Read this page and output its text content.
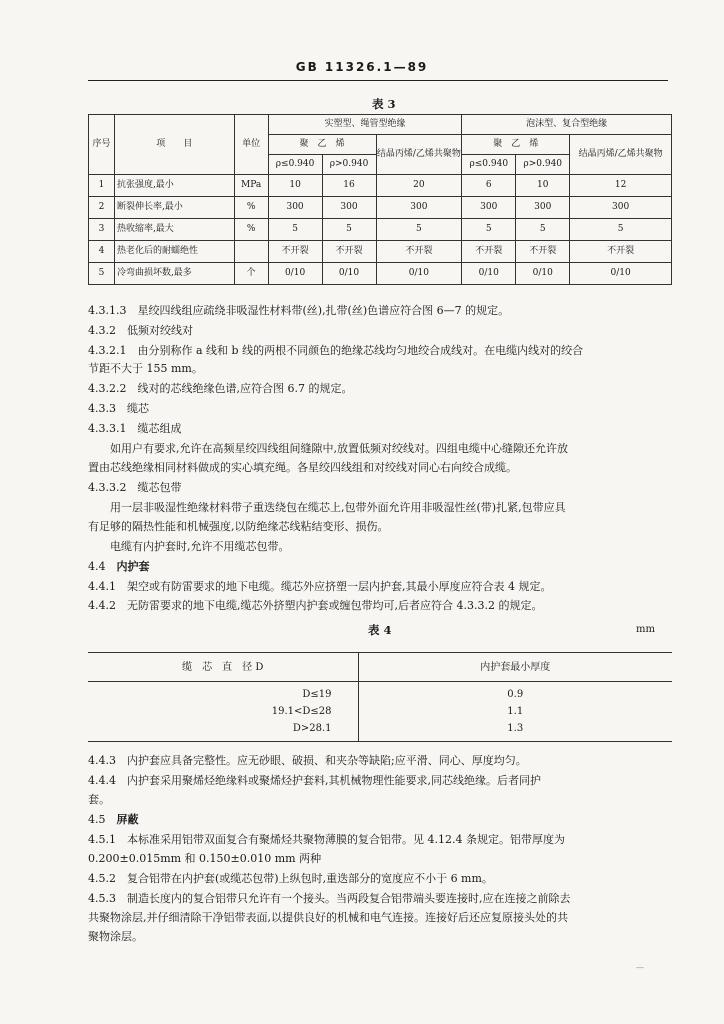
GB 11326.1—89
表 3
序号	项　　目	单位	实塑型、绳管型绝缘			泡沫型、复合型绝缘		
			聚　乙　烯		结晶丙烯/乙烯共聚物	聚　乙　烯		结晶丙烯/乙烯共聚物
			ρ≤0.940	ρ>0.940		ρ≤0.940	ρ>0.940	
1	抗张强度,最小	MPa	10	16	20	6	10	12
2	断裂伸长率,最小	%	300	300	300	300	300	300
3	热收缩率,最大	%	5	5	5	5	5	5
4	热老化后的耐蠕绝性		不开裂	不开裂	不开裂	不开裂	不开裂	不开裂
5	冷弯曲损坏数,最多	个	0/10	0/10	0/10	0/10	0/10	0/10
4.3.1.3　星绞四线组应疏绕非吸湿性材料带(丝),扎带(丝)色谱应符合图 6—7 的规定。
4.3.2　低频对绞线对
4.3.2.1　由分别称作 a 线和 b 线的两根不同颜色的绝缘芯线均匀地绞合成线对。在电缆内线对的绞合
节距不大于 155 mm。
4.3.2.2　线对的芯线绝缘色谱,应符合图 6.7 的规定。
4.3.3　缆芯
4.3.3.1　缆芯组成
　　如用户有要求,允许在高频星绞四线组间缝隙中,放置低频对绞线对。四组电缆中心缝隙还允许放
置由芯线绝缘相同材料做成的实心填充绳。各星绞四线组和对绞线对同心右向绞合成缆。
4.3.3.2　缆芯包带
　　用一层非吸湿性绝缘材料带子重迭绕包在缆芯上,包带外面允许用非吸湿性丝(带)扎紧,包带应具
有足够的隔热性能和机械强度,以防绝缘芯线粘结变形、损伤。
　　电缆有内护套时,允许不用缆芯包带。
4.4　内护套
4.4.1　架空或有防雷要求的地下电缆。缆芯外应挤塑一层内护套,其最小厚度应符合表 4 规定。
4.4.2　无防雷要求的地下电缆,缆芯外挤塑内护套或缠包带均可,后者应符合 4.3.3.2 的规定。
表 4	mm
缆　芯　直　径 D	内护套最小厚度
D≤19	0.9
19.1<D≤28	1.1
D>28.1	1.3
4.4.3　内护套应具备完整性。应无砂眼、破损、和夹杂等缺陷;应平滑、同心、厚度均匀。
4.4.4　内护套采用聚烯烃绝缘料或聚烯烃护套料,其机械物理性能要求,同芯线绝缘。后者同护
套。
4.5　屏蔽
4.5.1　本标准采用铝带双面复合有聚烯烃共聚物薄膜的复合铝带。见 4.12.4 条规定。铝带厚度为
0.200±0.015mm 和 0.150±0.010 mm 两种
4.5.2　复合铝带在内护套(或缆芯包带)上纵包时,重迭部分的宽度应不小于 6 mm。
4.5.3　制造长度内的复合铝带只允许有一个接头。当两段复合铝带端头要连接时,应在连接之前除去
共聚物涂层,并仔细清除干净铝带表面,以提供良好的机械和电气连接。连接好后还应复原接头处的共
聚物涂层。
—
